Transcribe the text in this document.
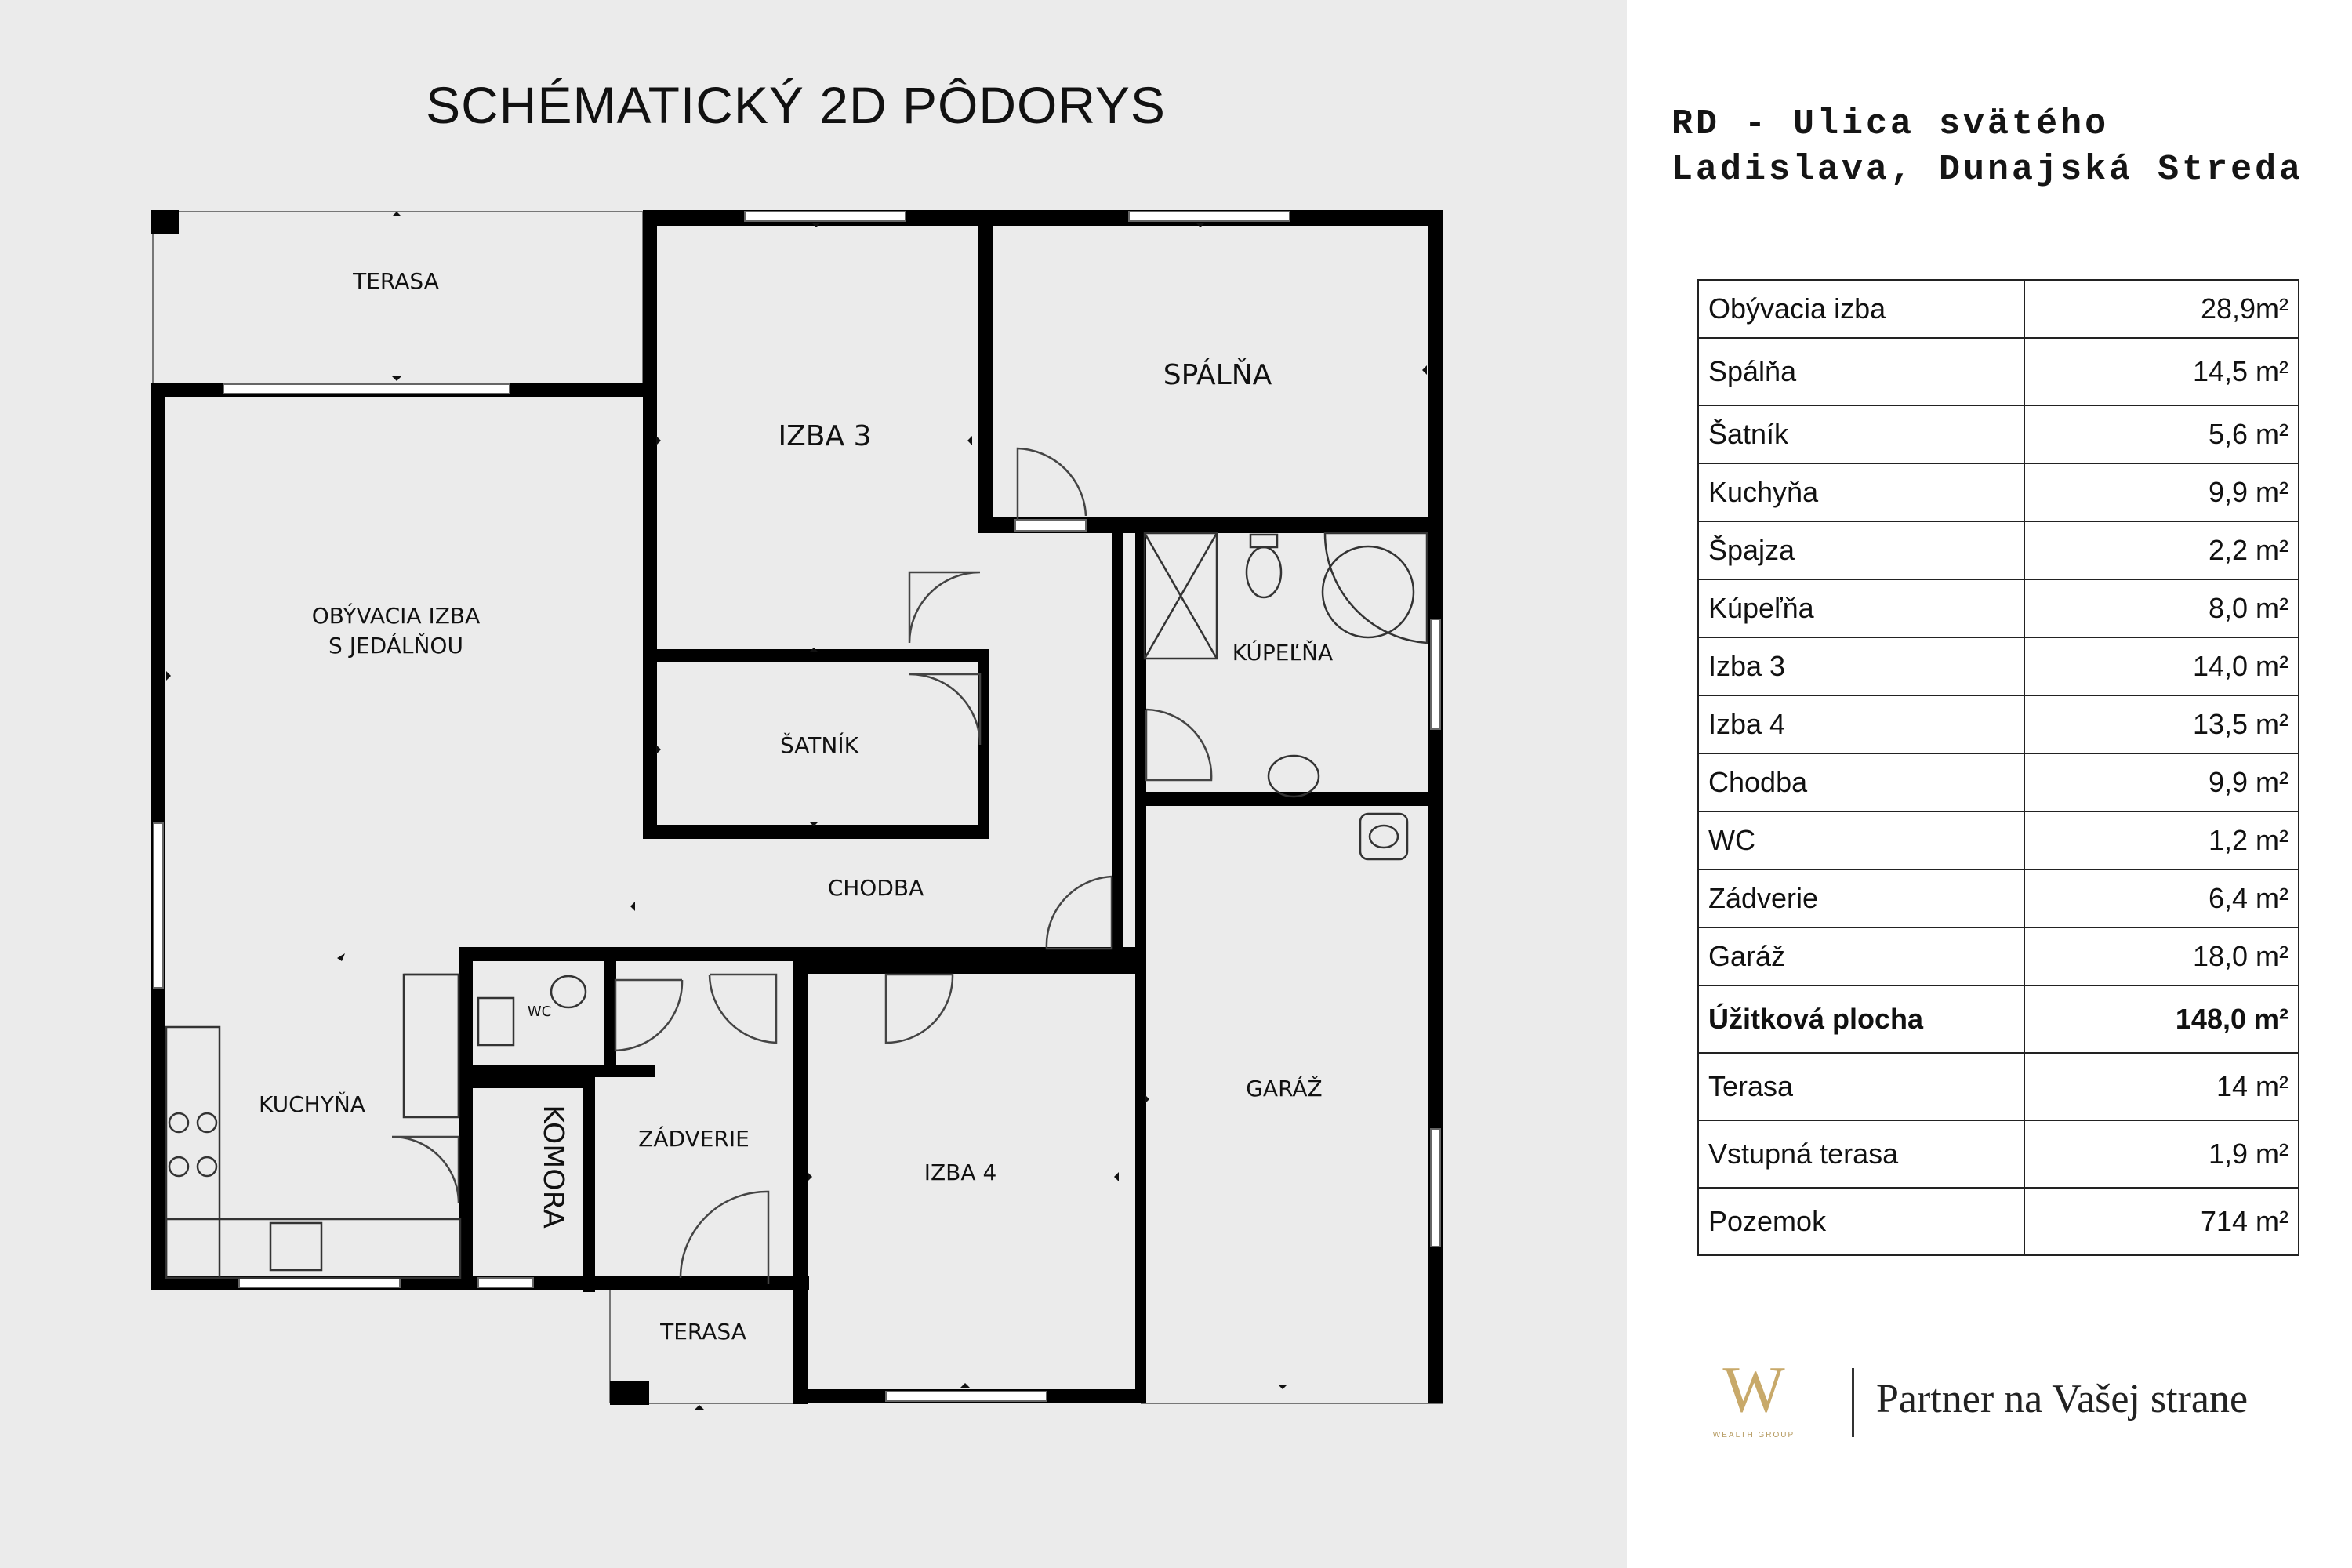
SCHÉMATICKÝ 2D PÔDORYS
TERASA
IZBA 3
SPÁLŇA
OBÝVACIA IZBA
S JEDÁLŇOU	KÚPEĽŇA
ŠATNÍK
CHODBA
WC
KUCHYŇA
KOMORA	ZÁDVERIE
IZBA 4
GARÁŽ
TERASA
RD - Ulica svätého
Ladislava, Dunajská Streda
Obývacia izba	28,9m²
Spálňa	14,5 m²
Šatník	5,6 m²
Kuchyňa	9,9 m²
Špajza	2,2 m²
Kúpeľňa	8,0 m²
Izba 3	14,0 m²
Izba 4	13,5 m²
Chodba	9,9 m²
WC	1,2 m²
Zádverie	6,4 m²
Garáž	18,0 m²
Úžitková plocha	148,0 m²
Terasa	14 m²
Vstupná terasa	1,9 m²
Pozemok	714 m²
W
WEALTH GROUP
Partner na Vašej strane
